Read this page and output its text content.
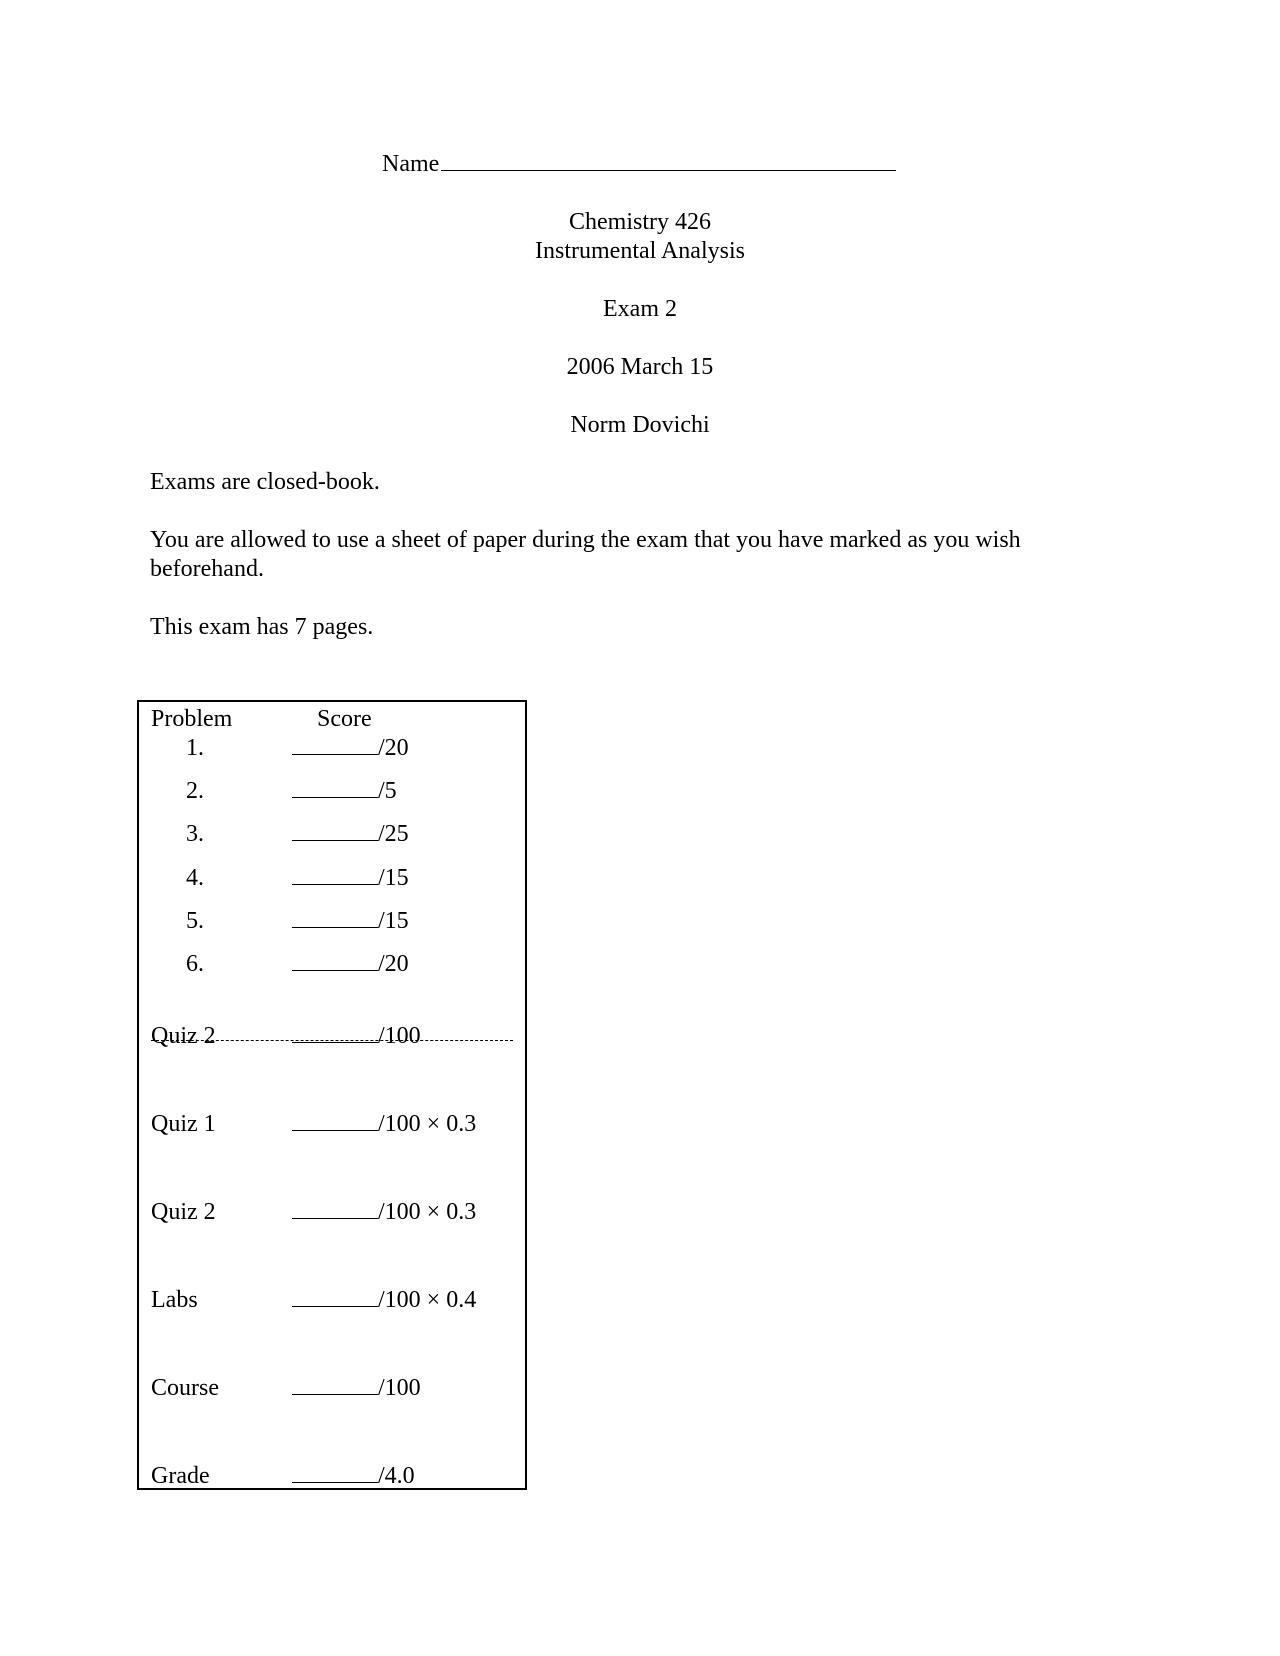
Name
Chemistry 426
Instrumental Analysis
Exam 2
2006 March 15
Norm Dovichi
Exams are closed-book.
You are allowed to use a sheet of paper during the exam that you have marked as you wish beforehand.
This exam has 7 pages.
Problem	Score
1.	/20
2.	/5
3.	/25
4.	/15
5.	/15
6.	/20
Quiz 2	/100
Quiz 1	/100 × 0.3
Quiz 2	/100 × 0.3
Labs	/100 × 0.4
Course	/100
Grade	/4.0
